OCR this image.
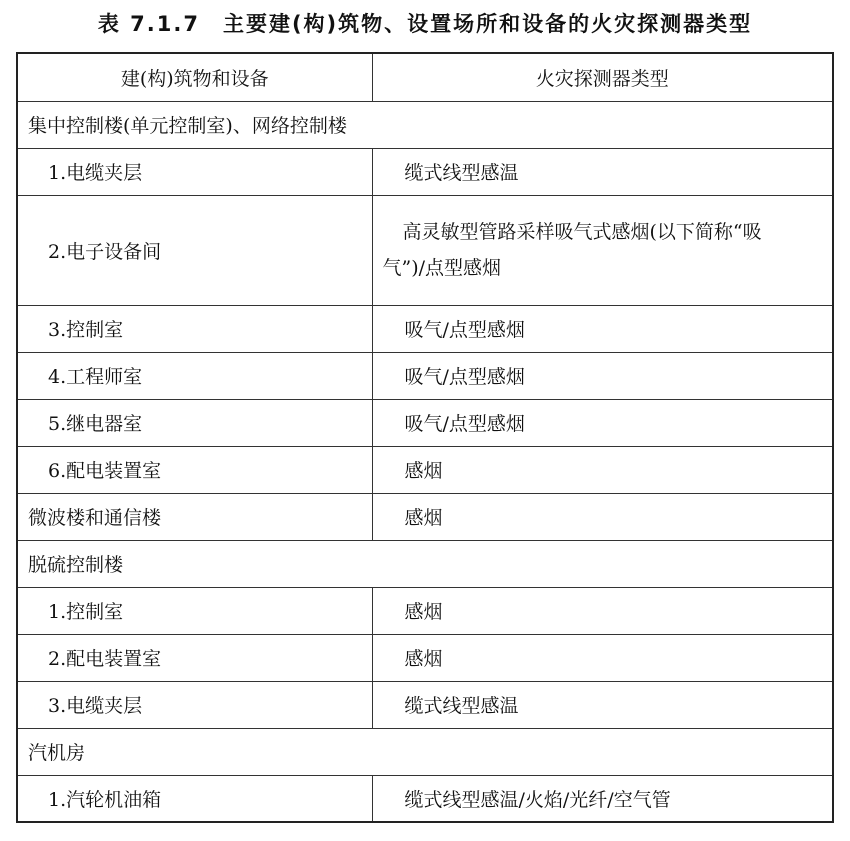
表 7.1.7　主要建(构)筑物、设置场所和设备的火灾探测器类型
建(构)筑物和设备	火灾探测器类型
集中控制楼(单元控制室)、网络控制楼	
1.电缆夹层	缆式线型感温
2.电子设备间	高灵敏型管路采样吸气式感烟(以下简称“吸
气”)/点型感烟

3.控制室	吸气/点型感烟
4.工程师室	吸气/点型感烟
5.继电器室	吸气/点型感烟
6.配电装置室	感烟
微波楼和通信楼	感烟
脱硫控制楼	
1.控制室	感烟
2.配电装置室	感烟
3.电缆夹层	缆式线型感温
汽机房	
1.汽轮机油箱	缆式线型感温/火焰/光纤/空气管
